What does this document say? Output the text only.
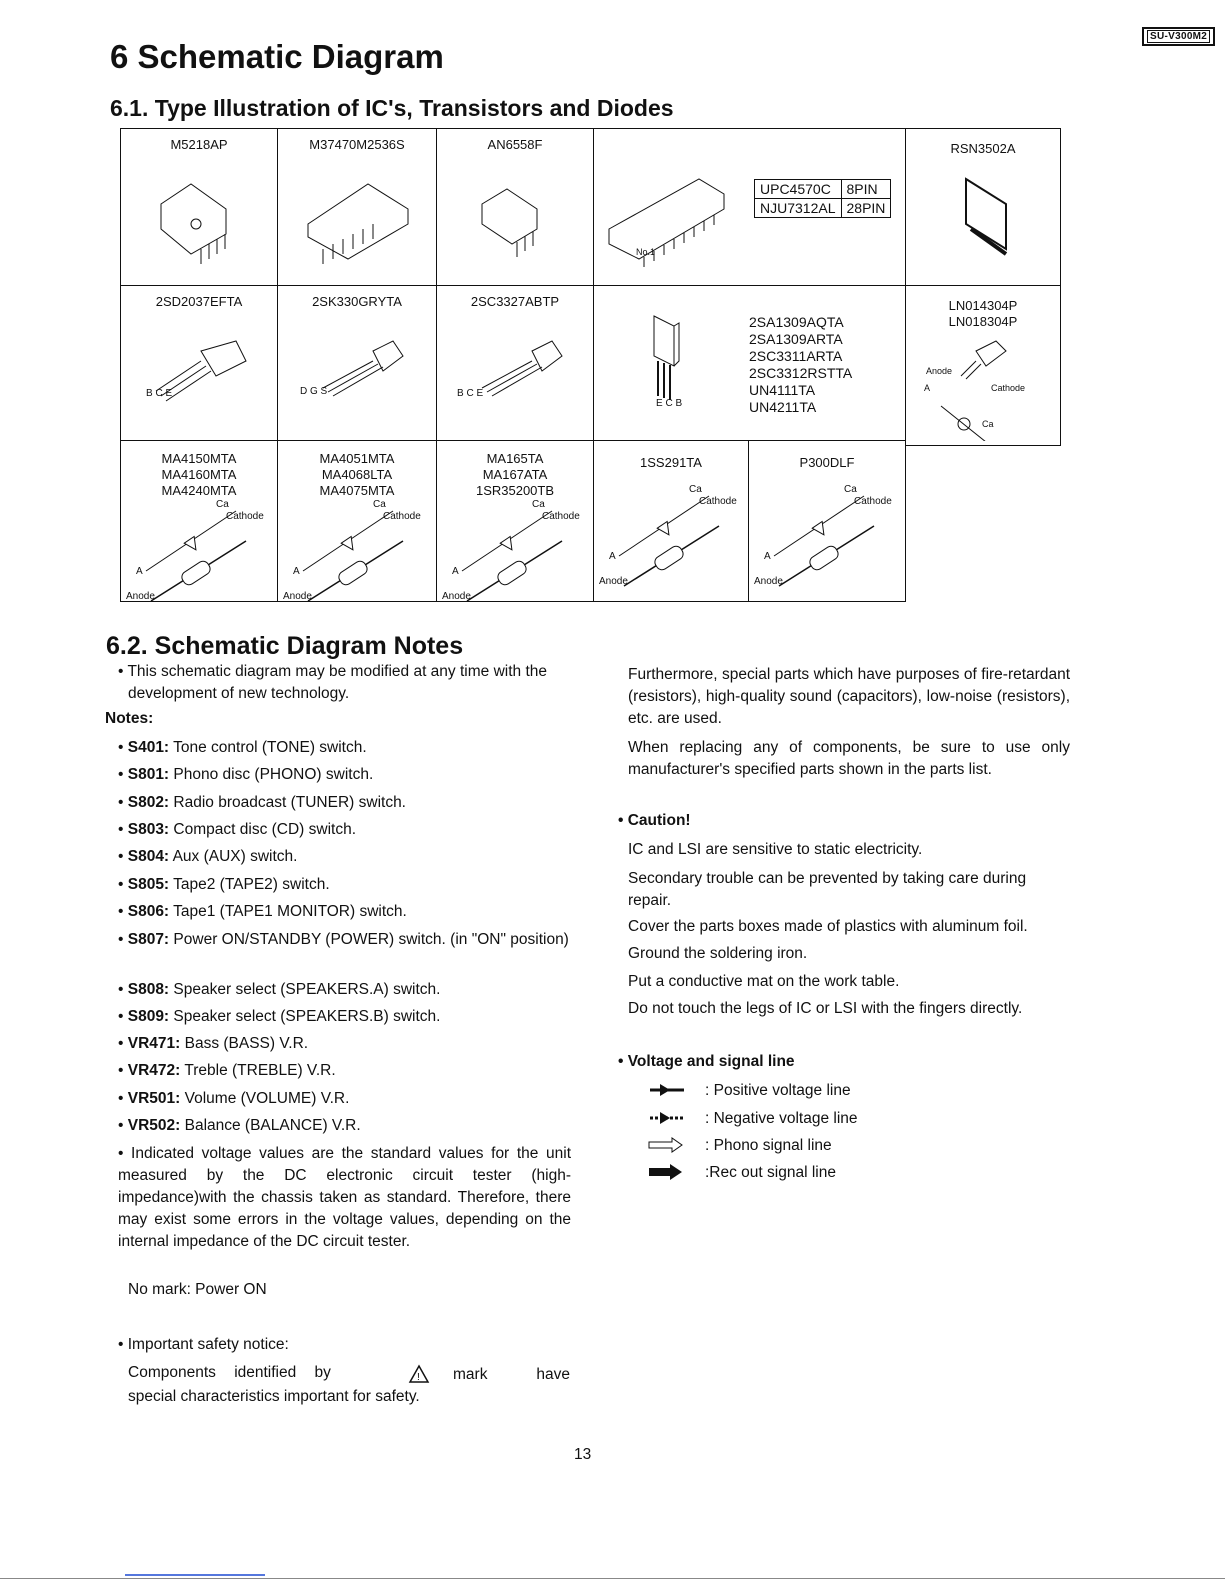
SU-V300M2
6 Schematic Diagram
6.1. Type Illustration of IC's, Transistors and Diodes
M5218AP	M37470M2536S	AN6558F
UPC4570C	8PIN
NJU7312AL	28PIN
No.1
RSN3502A
2SD2037EFTA
B C E
2SK330GRYTA
D G S
2SC3327ABTP
B C E
E C B
2SA1309AQTA
2SA1309ARTA
2SC3311ARTA
2SC3312RSTTA
UN4111TA
UN4211TA
LN014304P
LN018304P
Anode
Cathode
A
Ca
MA4150MTA
MA4160MTA
MA4240MTA
Ca
Cathode
A
Anode
MA4051MTA
MA4068LTA
MA4075MTA
Ca
Cathode
A
Anode
MA165TA
MA167ATA
1SR35200TB
Ca
Cathode
A
Anode
1SS291TA
Ca
Cathode
A
Anode
P300DLF
Ca
Cathode
A
Anode
6.2. Schematic Diagram Notes
• This schematic diagram may be modified at any time with the development of new technology.
Notes:
• S401: Tone control (TONE) switch.
• S801: Phono disc (PHONO) switch.
• S802: Radio broadcast (TUNER) switch.
• S803: Compact disc (CD) switch.
• S804: Aux (AUX) switch.
• S805: Tape2 (TAPE2) switch.
• S806: Tape1 (TAPE1 MONITOR) switch.
• S807: Power ON/STANDBY (POWER) switch. (in "ON" position)
• S808: Speaker select (SPEAKERS.A) switch.
• S809: Speaker select (SPEAKERS.B) switch.
• VR471: Bass (BASS) V.R.
• VR472: Treble (TREBLE) V.R.
• VR501: Volume (VOLUME) V.R.
• VR502: Balance (BALANCE) V.R.
• Indicated voltage values are the standard values for the unit measured by the DC electronic circuit tester (high-impedance)with the chassis taken as standard. Therefore, there may exist some errors in the voltage values, depending on the internal impedance of the DC circuit tester.
No mark: Power ON
• Important safety notice:
Components identified by	!	mark have special characteristics important for safety.
Furthermore, special parts which have purposes of fire-retardant (resistors), high-quality sound (capacitors), low-noise (resistors), etc. are used.
When replacing any of components, be sure to use only manufacturer's specified parts shown in the parts list.
• Caution!
IC and LSI are sensitive to static electricity.
Secondary trouble can be prevented by taking care during repair.
Cover the parts boxes made of plastics with aluminum foil.
Ground the soldering iron.
Put a conductive mat on the work table.
Do not touch the legs of IC or LSI with the fingers directly.
• Voltage and signal line
: Positive voltage line
: Negative voltage line
: Phono signal line
:Rec out signal line
13
